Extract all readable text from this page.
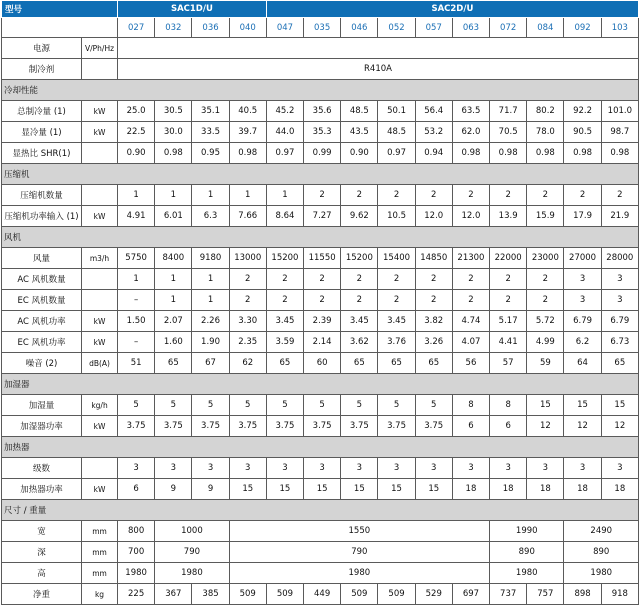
型号		SAC1D/U				SAC2D/U									
		027	032	036	040	047	035	046	052	057	063	072	084	092	103
电源	V/Ph/Hz														
制冷剂		R410A													
冷却性能															
总制冷量 (1)	kW	25.0	30.5	35.1	40.5	45.2	35.6	48.5	50.1	56.4	63.5	71.7	80.2	92.2	101.0
显冷量 (1)	kW	22.5	30.0	33.5	39.7	44.0	35.3	43.5	48.5	53.2	62.0	70.5	78.0	90.5	98.7
显热比 SHR(1)		0.90	0.98	0.95	0.98	0.97	0.99	0.90	0.97	0.94	0.98	0.98	0.98	0.98	0.98
压缩机															
压缩机数量		1	1	1	1	1	2	2	2	2	2	2	2	2	2
压缩机功率输入 (1)	kW	4.91	6.01	6.3	7.66	8.64	7.27	9.62	10.5	12.0	12.0	13.9	15.9	17.9	21.9
风机															
风量	m3/h	5750	8400	9180	13000	15200	11550	15200	15400	14850	21300	22000	23000	27000	28000
AC 风机数量		1	1	1	2	2	2	2	2	2	2	2	2	3	3
EC 风机数量		–	1	1	2	2	2	2	2	2	2	2	2	3	3
AC 风机功率	kW	1.50	2.07	2.26	3.30	3.45	2.39	3.45	3.45	3.82	4.74	5.17	5.72	6.79	6.79
EC 风机功率	kW	–	1.60	1.90	2.35	3.59	2.14	3.62	3.76	3.26	4.07	4.41	4.99	6.2	6.73
噪音 (2)	dB(A)	51	65	67	62	65	60	65	65	65	56	57	59	64	65
加湿器															
加湿量	kg/h	5	5	5	5	5	5	5	5	5	8	8	15	15	15
加湿器功率	kW	3.75	3.75	3.75	3.75	3.75	3.75	3.75	3.75	3.75	6	6	12	12	12
加热器															
级数		3	3	3	3	3	3	3	3	3	3	3	3	3	3
加热器功率	kW	6	9	9	15	15	15	15	15	15	18	18	18	18	18
尺寸 / 重量															
宽	mm	800	1000		1550							1990		2490	
深	mm	700	790		790							890		890	
高	mm	1980	1980		1980							1980		1980	
净重	kg	225	367	385	509	509	449	509	509	529	697	737	757	898	918
